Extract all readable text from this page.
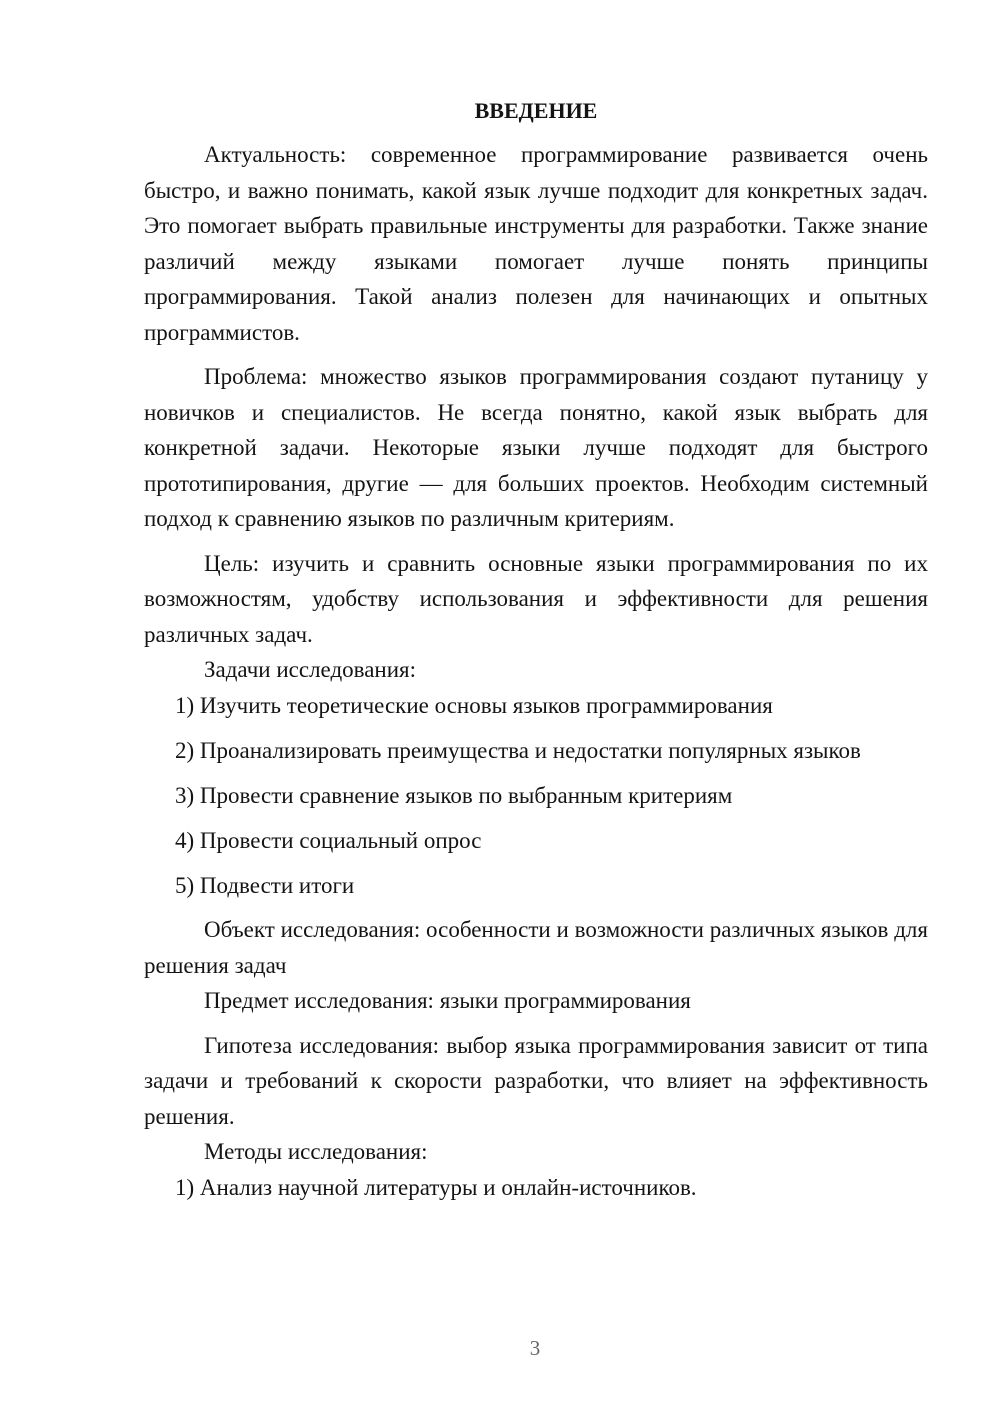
ВВЕДЕНИЕ

Актуальность: современное программирование развивается очень быстро, и важно понимать, какой язык лучше подходит для конкретных задач. Это помогает выбрать правильные инструменты для разработки. Также знание различий между языками помогает лучше понять принципы программирования. Такой анализ полезен для начинающих и опытных программистов.

Проблема: множество языков программирования создают путаницу у новичков и специалистов. Не всегда понятно, какой язык выбрать для конкретной задачи. Некоторые языки лучше подходят для быстрого прототипирования, другие — для больших проектов. Необходим системный подход к сравнению языков по различным критериям.

Цель: изучить и сравнить основные языки программирования по их возможностям, удобству использования и эффективности для решения различных задач.

Задачи исследования:

1) Изучить теоретические основы языков программирования
2) Проанализировать преимущества и недостатки популярных языков
3) Провести сравнение языков по выбранным критериям
4) Провести социальный опрос
5) Подвести итоги

Объект исследования: особенности и возможности различных языков для решения задач

Предмет исследования: языки программирования

Гипотеза исследования: выбор языка программирования зависит от типа задачи и требований к скорости разработки, что влияет на эффективность решения.

Методы исследования:

1) Анализ научной литературы и онлайн-источников.
3
